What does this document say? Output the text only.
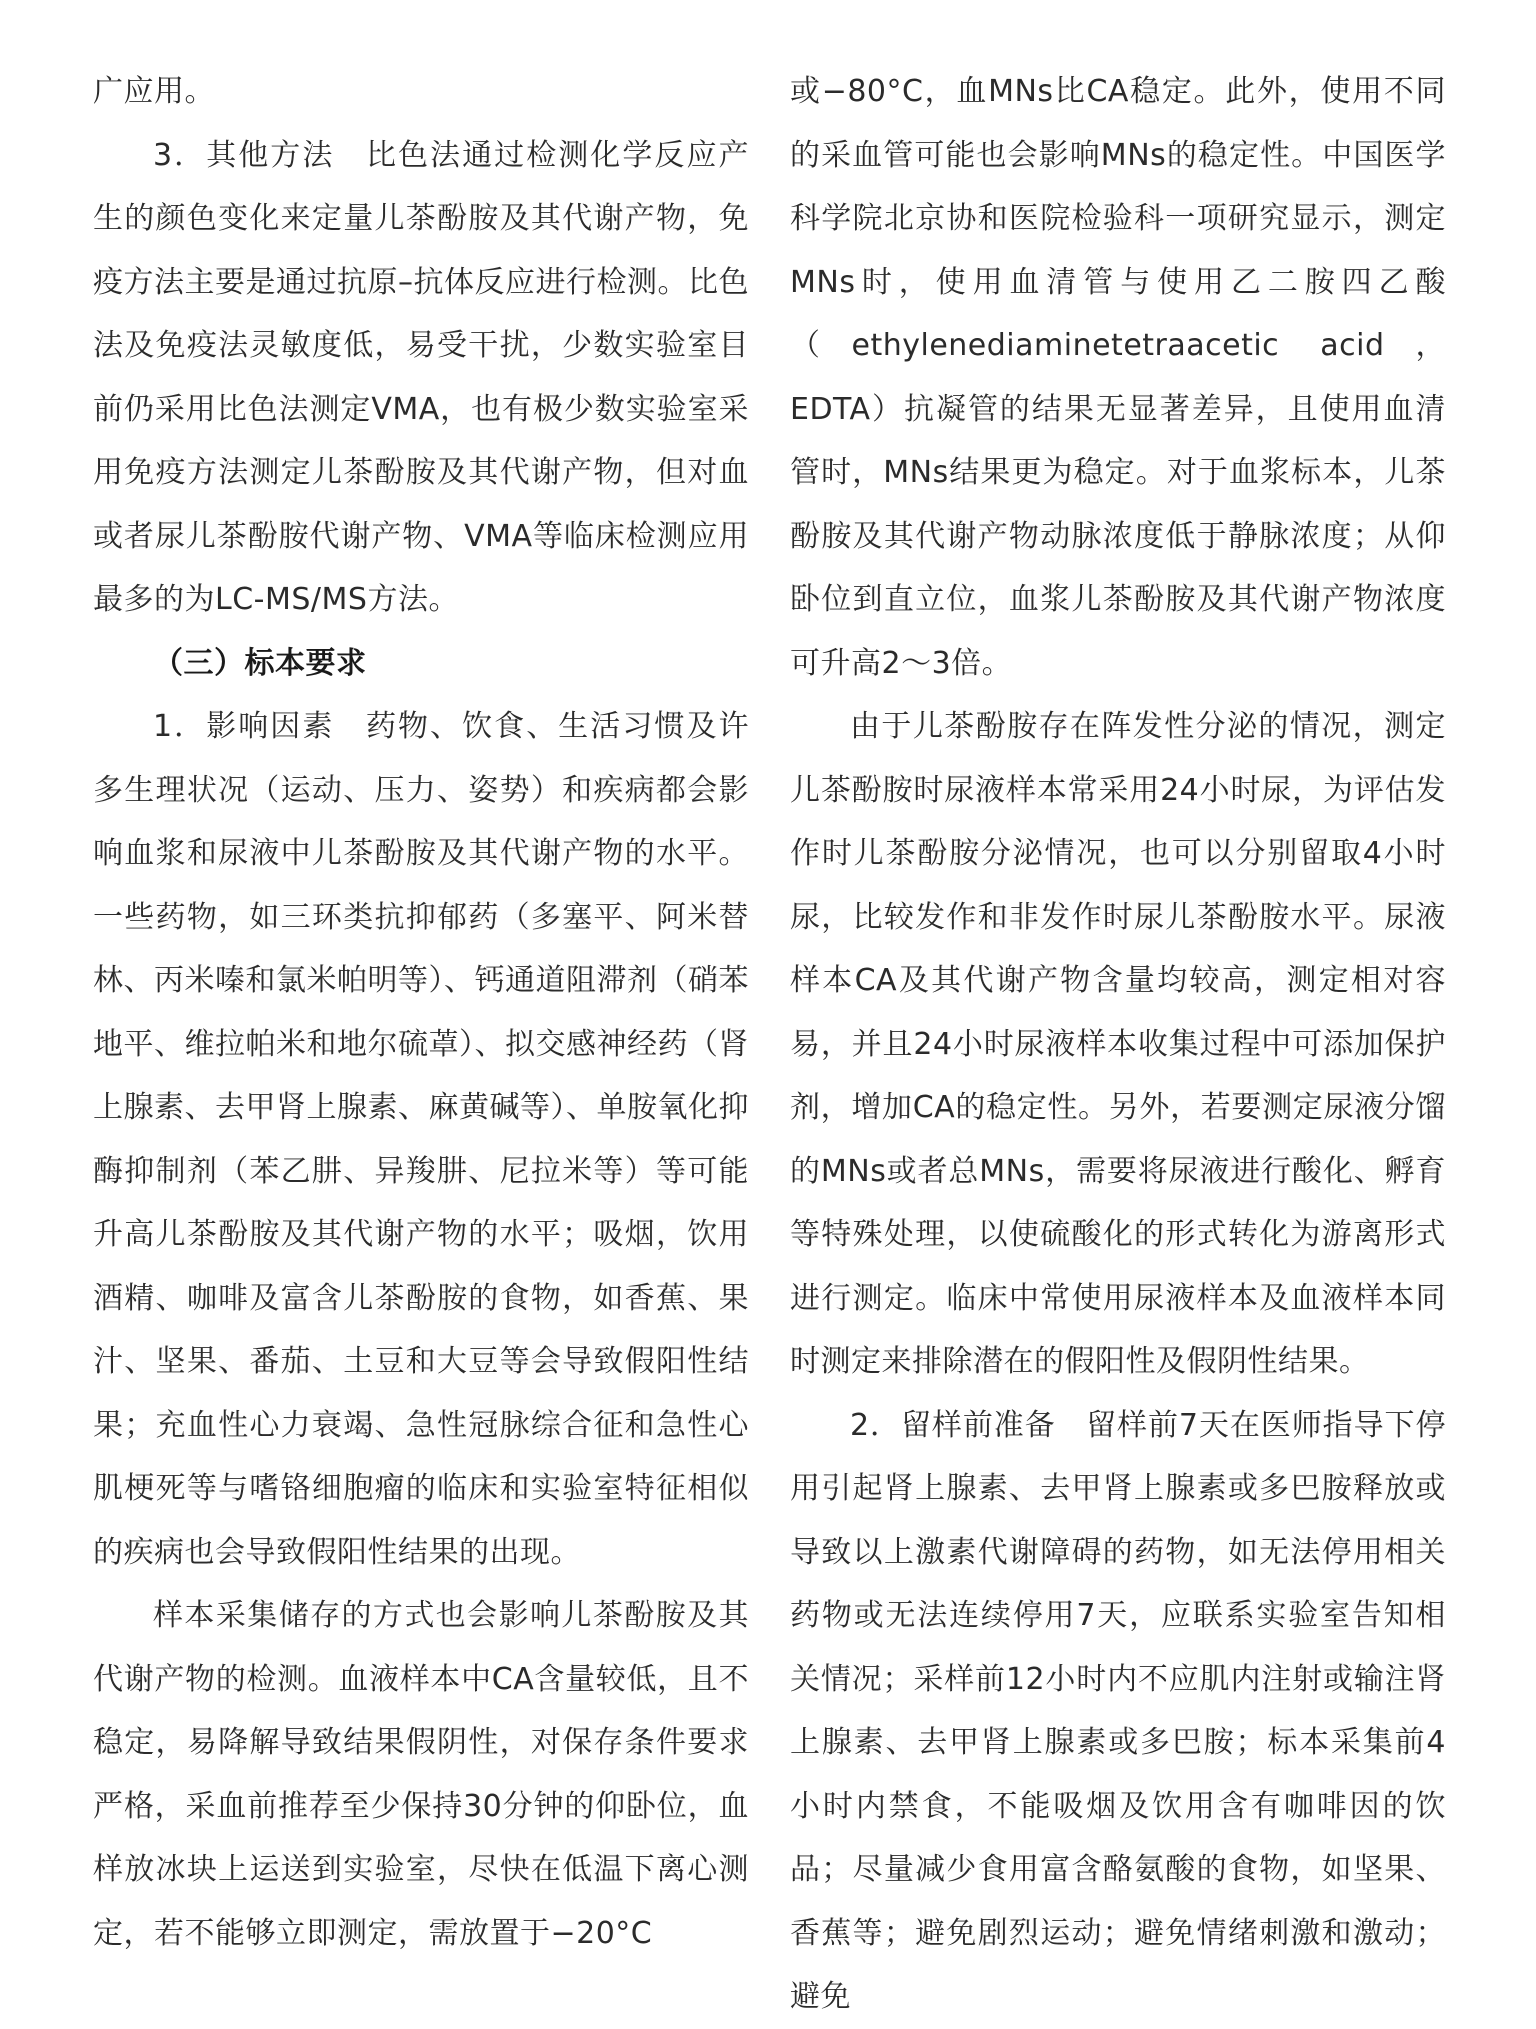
广应用。

3．其他方法 比色法通过检测化学反应产生的颜色变化来定量儿茶酚胺及其代谢产物，免疫方法主要是通过抗原–抗体反应进行检测。比色法及免疫法灵敏度低，易受干扰，少数实验室目前仍采用比色法测定VMA，也有极少数实验室采用免疫方法测定儿茶酚胺及其代谢产物，但对血或者尿儿茶酚胺代谢产物、VMA等临床检测应用最多的为LC-MS/MS方法。

（三）标本要求

1．影响因素 药物、饮食、生活习惯及许多生理状况（运动、压力、姿势）和疾病都会影响血浆和尿液中儿茶酚胺及其代谢产物的水平。一些药物，如三环类抗抑郁药（多塞平、阿米替林、丙米嗪和氯米帕明等）、钙通道阻滞剂（硝苯地平、维拉帕米和地尔硫䓬）、拟交感神经药（肾上腺素、去甲肾上腺素、麻黄碱等）、单胺氧化抑酶抑制剂（苯乙肼、异羧肼、尼拉米等）等可能升高儿茶酚胺及其代谢产物的水平；吸烟，饮用酒精、咖啡及富含儿茶酚胺的食物，如香蕉、果汁、坚果、番茄、土豆和大豆等会导致假阳性结果；充血性心力衰竭、急性冠脉综合征和急性心肌梗死等与嗜铬细胞瘤的临床和实验室特征相似的疾病也会导致假阳性结果的出现。

样本采集储存的方式也会影响儿茶酚胺及其代谢产物的检测。血液样本中CA含量较低，且不稳定，易降解导致结果假阴性，对保存条件要求严格，采血前推荐至少保持30分钟的仰卧位，血样放冰块上运送到实验室，尽快在低温下离心测定，若不能够立即测定，需放置于−20°C

或−80°C，血MNs比CA稳定。此外，使用不同的采血管可能也会影响MNs的稳定性。中国医学科学院北京协和医院检验科一项研究显示，测定MNs时，使用血清管与使用乙二胺四乙酸（ethylenediaminetetraacetic acid，EDTA）抗凝管的结果无显著差异，且使用血清管时，MNs结果更为稳定。对于血浆标本，儿茶酚胺及其代谢产物动脉浓度低于静脉浓度；从仰卧位到直立位，血浆儿茶酚胺及其代谢产物浓度可升高2～3倍。

由于儿茶酚胺存在阵发性分泌的情况，测定儿茶酚胺时尿液样本常采用24小时尿，为评估发作时儿茶酚胺分泌情况，也可以分别留取4小时尿，比较发作和非发作时尿儿茶酚胺水平。尿液样本CA及其代谢产物含量均较高，测定相对容易，并且24小时尿液样本收集过程中可添加保护剂，增加CA的稳定性。另外，若要测定尿液分馏的MNs或者总MNs，需要将尿液进行酸化、孵育等特殊处理，以使硫酸化的形式转化为游离形式进行测定。临床中常使用尿液样本及血液样本同时测定来排除潜在的假阳性及假阴性结果。

2．留样前准备 留样前7天在医师指导下停用引起肾上腺素、去甲肾上腺素或多巴胺释放或导致以上激素代谢障碍的药物，如无法停用相关药物或无法连续停用7天，应联系实验室告知相关情况；采样前12小时内不应肌内注射或输注肾上腺素、去甲肾上腺素或多巴胺；标本采集前4小时内禁食，不能吸烟及饮用含有咖啡因的饮品；尽量减少食用富含酪氨酸的食物，如坚果、香蕉等；避免剧烈运动；避免情绪刺激和激动；避免
